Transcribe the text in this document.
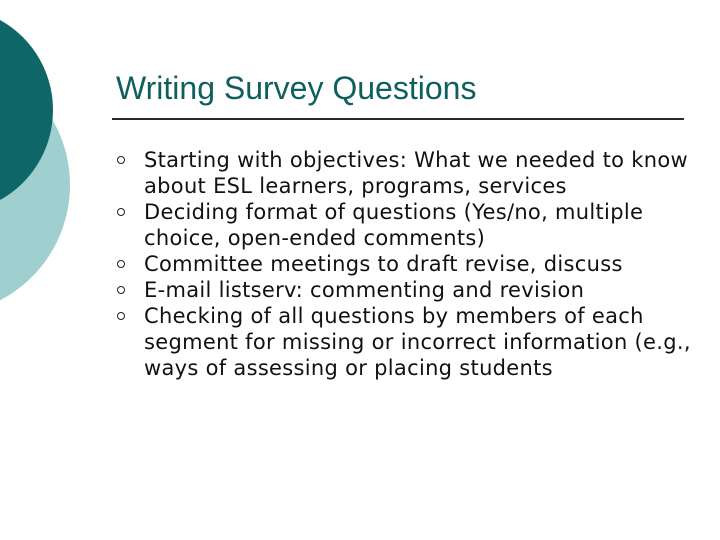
Writing Survey Questions
Starting with objectives: What we needed to know about ESL learners, programs, services
Deciding format of questions (Yes/no, multiple choice, open-ended comments)
Committee meetings to draft revise, discuss
E-mail listserv: commenting and revision
Checking of all questions by members of each segment for missing or incorrect information (e.g., ways of assessing or placing students
